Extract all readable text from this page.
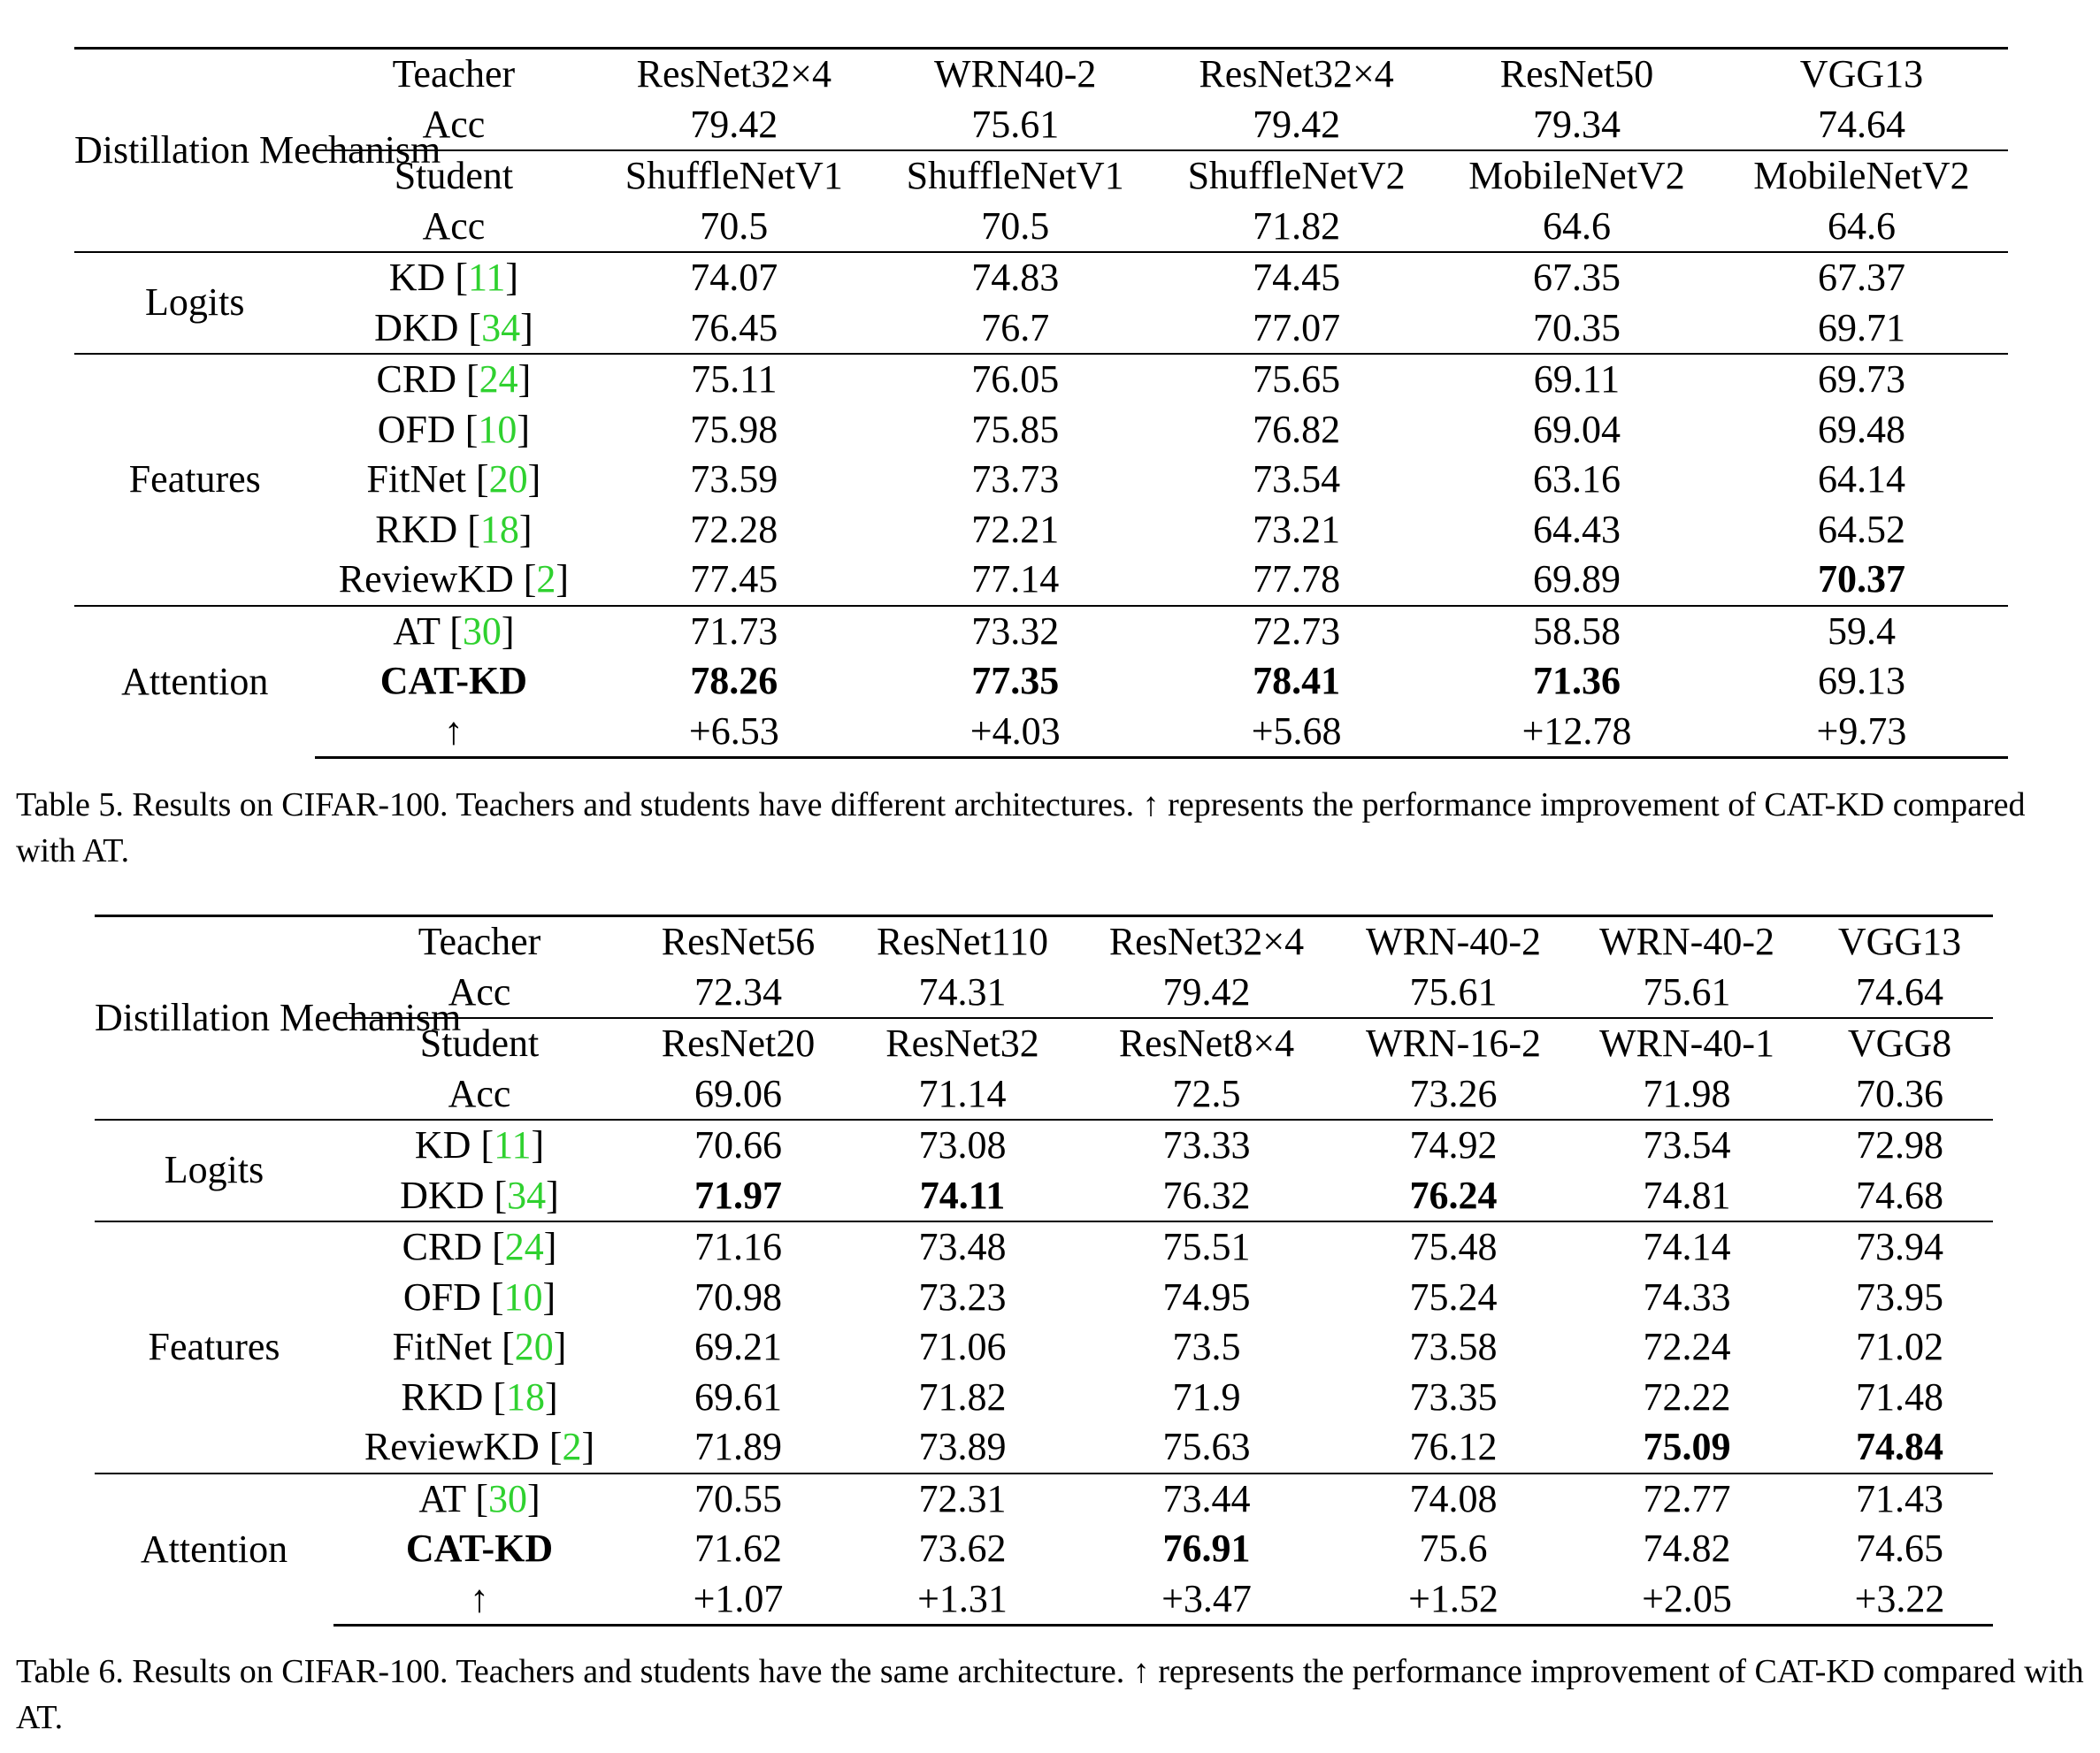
Distillation Mechanism	Teacher	ResNet32×4	WRN40-2	ResNet32×4	ResNet50	VGG13
	Acc	79.42	75.61	79.42	79.34	74.64
	Student	ShuffleNetV1	ShuffleNetV1	ShuffleNetV2	MobileNetV2	MobileNetV2
	Acc	70.5	70.5	71.82	64.6	64.6
Logits	KD [11]	74.07	74.83	74.45	67.35	67.37
	DKD [34]	76.45	76.7	77.07	70.35	69.71
Features	CRD [24]	75.11	76.05	75.65	69.11	69.73
	OFD [10]	75.98	75.85	76.82	69.04	69.48
	FitNet [20]	73.59	73.73	73.54	63.16	64.14
	RKD [18]	72.28	72.21	73.21	64.43	64.52
	ReviewKD [2]	77.45	77.14	77.78	69.89	70.37
Attention	AT [30]	71.73	73.32	72.73	58.58	59.4
	CAT-KD	78.26	77.35	78.41	71.36	69.13
	↑	+6.53	+4.03	+5.68	+12.78	+9.73

Table 5. Results on CIFAR-100. Teachers and students have different architectures. ↑ represents the performance improvement of CAT-KD compared with AT.

Distillation Mechanism	Teacher	ResNet56	ResNet110	ResNet32×4	WRN-40-2	WRN-40-2	VGG13
	Acc	72.34	74.31	79.42	75.61	75.61	74.64
	Student	ResNet20	ResNet32	ResNet8×4	WRN-16-2	WRN-40-1	VGG8
	Acc	69.06	71.14	72.5	73.26	71.98	70.36
Logits	KD [11]	70.66	73.08	73.33	74.92	73.54	72.98
	DKD [34]	71.97	74.11	76.32	76.24	74.81	74.68
Features	CRD [24]	71.16	73.48	75.51	75.48	74.14	73.94
	OFD [10]	70.98	73.23	74.95	75.24	74.33	73.95
	FitNet [20]	69.21	71.06	73.5	73.58	72.24	71.02
	RKD [18]	69.61	71.82	71.9	73.35	72.22	71.48
	ReviewKD [2]	71.89	73.89	75.63	76.12	75.09	74.84
Attention	AT [30]	70.55	72.31	73.44	74.08	72.77	71.43
	CAT-KD	71.62	73.62	76.91	75.6	74.82	74.65
	↑	+1.07	+1.31	+3.47	+1.52	+2.05	+3.22

Table 6. Results on CIFAR-100. Teachers and students have the same architecture. ↑ represents the performance improvement of CAT-KD compared with AT.
